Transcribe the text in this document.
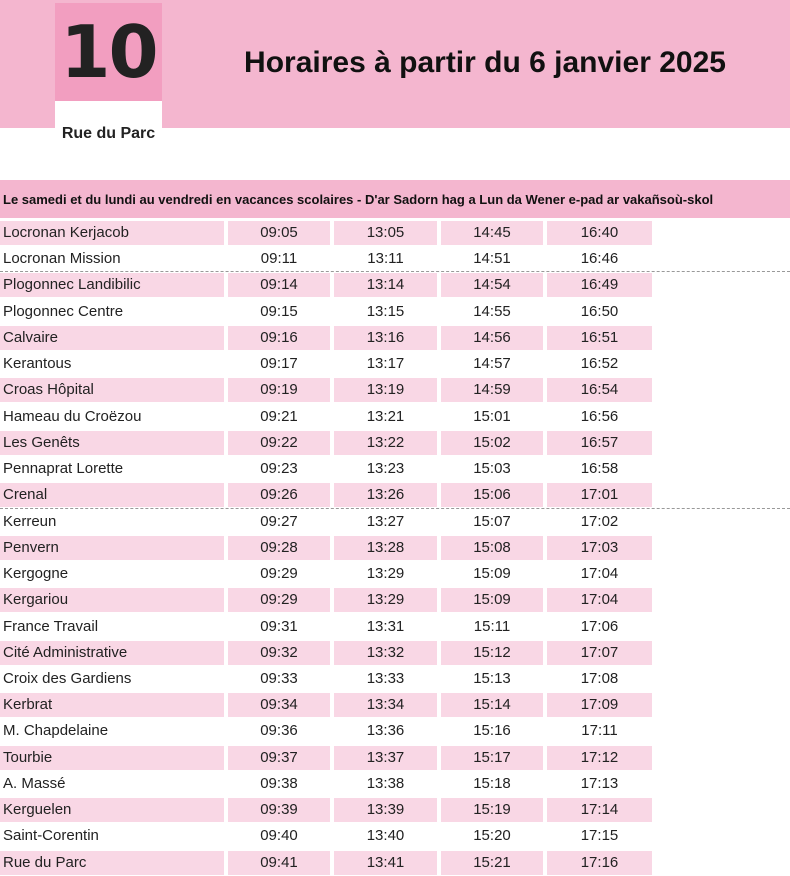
10
Rue du Parc
Horaires à partir du 6 janvier 2025
Le samedi et du lundi au vendredi en vacances scolaires - D'ar Sadorn hag a Lun da Wener e-pad ar vakañsoù-skol
Locronan Kerjacob	09:05	13:05	14:45	16:40
Locronan Mission	09:11	13:11	14:51	16:46
Plogonnec Landibilic	09:14	13:14	14:54	16:49
Plogonnec Centre	09:15	13:15	14:55	16:50
Calvaire	09:16	13:16	14:56	16:51
Kerantous	09:17	13:17	14:57	16:52
Croas Hôpital	09:19	13:19	14:59	16:54
Hameau du Croëzou	09:21	13:21	15:01	16:56
Les Genêts	09:22	13:22	15:02	16:57
Pennaprat Lorette	09:23	13:23	15:03	16:58
Crenal	09:26	13:26	15:06	17:01
Kerreun	09:27	13:27	15:07	17:02
Penvern	09:28	13:28	15:08	17:03
Kergogne	09:29	13:29	15:09	17:04
Kergariou	09:29	13:29	15:09	17:04
France Travail	09:31	13:31	15:11	17:06
Cité Administrative	09:32	13:32	15:12	17:07
Croix des Gardiens	09:33	13:33	15:13	17:08
Kerbrat	09:34	13:34	15:14	17:09
M. Chapdelaine	09:36	13:36	15:16	17:11
Tourbie	09:37	13:37	15:17	17:12
A. Massé	09:38	13:38	15:18	17:13
Kerguelen	09:39	13:39	15:19	17:14
Saint-Corentin	09:40	13:40	15:20	17:15
Rue du Parc	09:41	13:41	15:21	17:16
